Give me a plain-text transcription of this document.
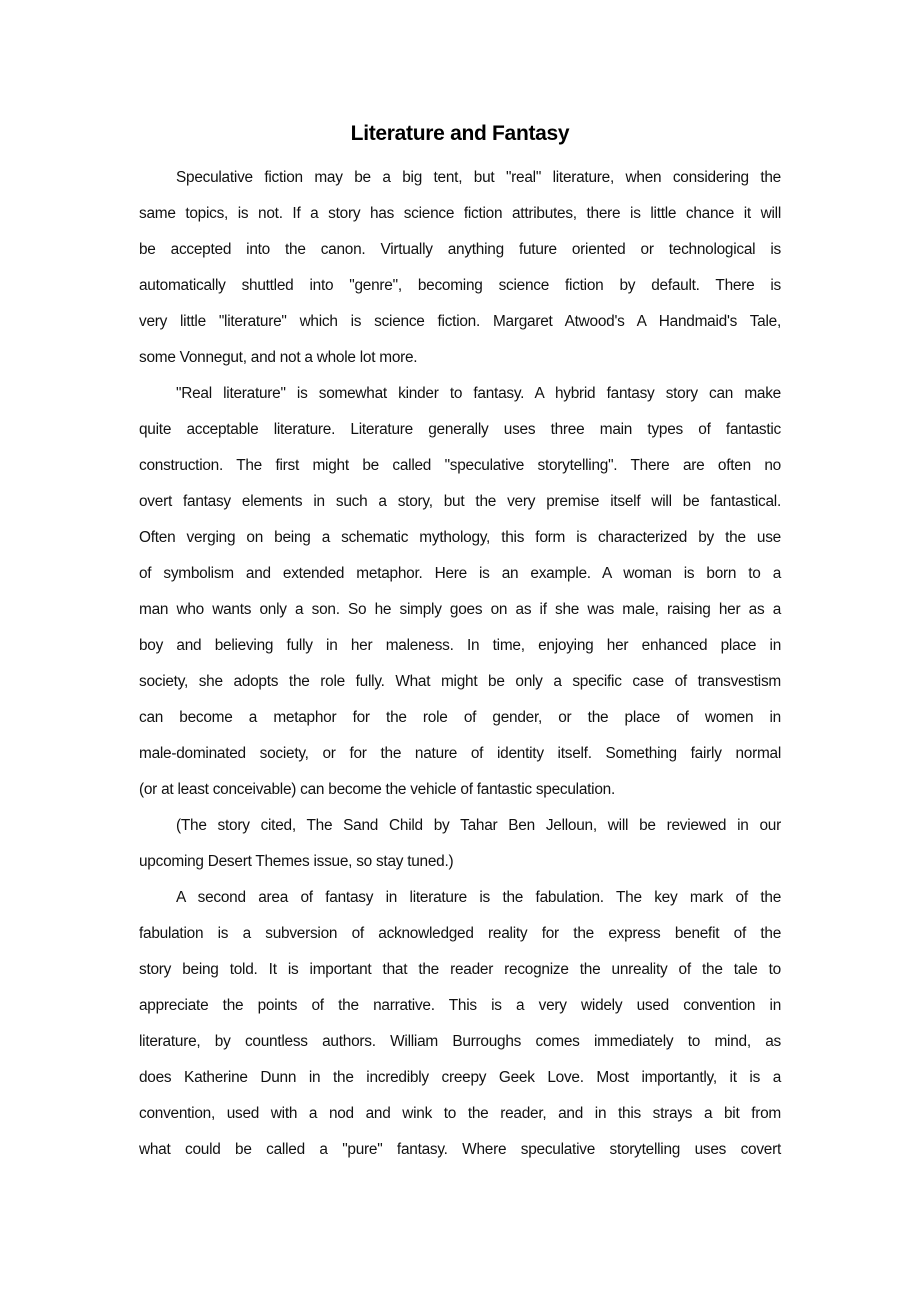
Literature and Fantasy
Speculative fiction may be a big tent, but "real" literature, when considering the
same topics, is not. If a story has science fiction attributes, there is little chance it will
be accepted into the canon. Virtually anything future oriented or technological is
automatically shuttled into "genre", becoming science fiction by default. There is
very little "literature" which is science fiction. Margaret Atwood's A Handmaid's Tale,
some Vonnegut, and not a whole lot more.
"Real literature" is somewhat kinder to fantasy. A hybrid fantasy story can make
quite acceptable literature. Literature generally uses three main types of fantastic
construction. The first might be called "speculative storytelling". There are often no
overt fantasy elements in such a story, but the very premise itself will be fantastical.
Often verging on being a schematic mythology, this form is characterized by the use
of symbolism and extended metaphor. Here is an example. A woman is born to a
man who wants only a son. So he simply goes on as if she was male, raising her as a
boy and believing fully in her maleness. In time, enjoying her enhanced place in
society, she adopts the role fully. What might be only a specific case of transvestism
can become a metaphor for the role of gender, or the place of women in
male-dominated society, or for the nature of identity itself. Something fairly normal
(or at least conceivable) can become the vehicle of fantastic speculation.
(The story cited, The Sand Child by Tahar Ben Jelloun, will be reviewed in our
upcoming Desert Themes issue, so stay tuned.)
A second area of fantasy in literature is the fabulation. The key mark of the
fabulation is a subversion of acknowledged reality for the express benefit of the
story being told. It is important that the reader recognize the unreality of the tale to
appreciate the points of the narrative. This is a very widely used convention in
literature, by countless authors. William Burroughs comes immediately to mind, as
does Katherine Dunn in the incredibly creepy Geek Love. Most importantly, it is a
convention, used with a nod and wink to the reader, and in this strays a bit from
what could be called a "pure" fantasy. Where speculative storytelling uses covert
